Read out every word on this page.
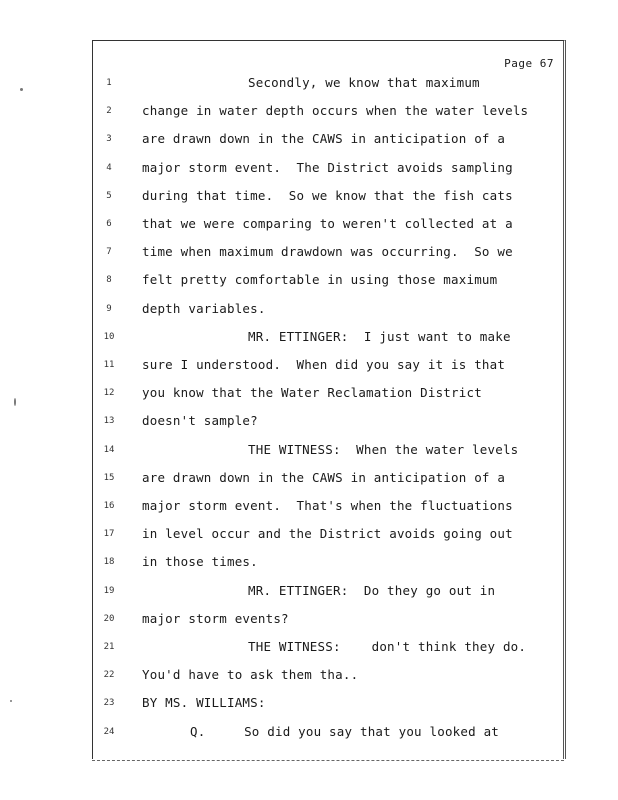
Page 67
1	Secondly, we know that maximum
2	change in water depth occurs when the water levels
3	are drawn down in the CAWS in anticipation of a
4	major storm event.  The District avoids sampling
5	during that time.  So we know that the fish cats
6	that we were comparing to weren't collected at a
7	time when maximum drawdown was occurring.  So we
8	felt pretty comfortable in using those maximum
9	depth variables.
10	MR. ETTINGER:  I just want to make
11	sure I understood.  When did you say it is that
12	you know that the Water Reclamation District
13	doesn't sample?
14	THE WITNESS:  When the water levels
15	are drawn down in the CAWS in anticipation of a
16	major storm event.  That's when the fluctuations
17	in level occur and the District avoids going out
18	in those times.
19	MR. ETTINGER:  Do they go out in
20	major storm events?
21	THE WITNESS:    don't think they do.
22	You'd have to ask them tha..
23	BY MS. WILLIAMS:
24	Q.     So did you say that you looked at
